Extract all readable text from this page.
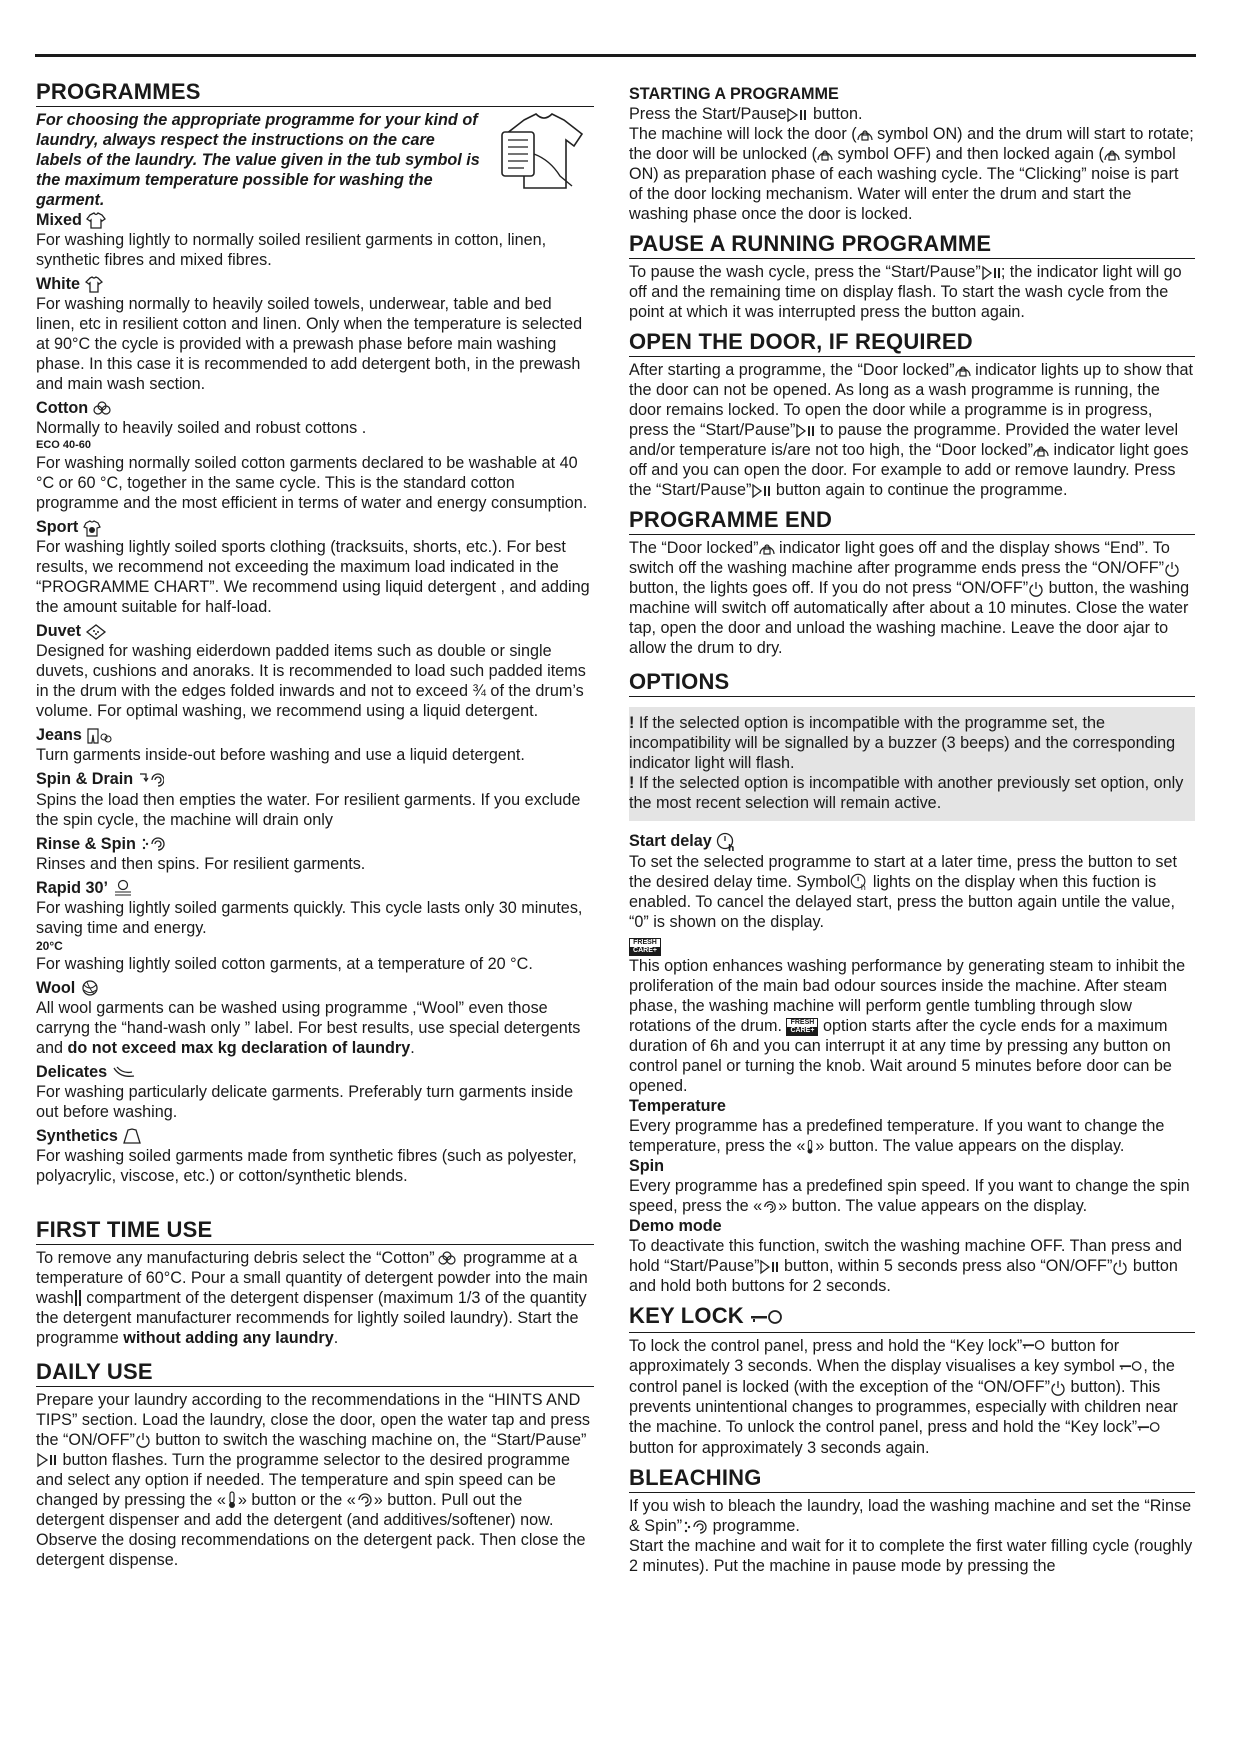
PROGRAMMES
For choosing the appropriate programme for your kind of laundry, always respect the instructions on the care labels of the laundry. The value given in the tub symbol is the maximum temperature possible for washing the garment.
Mixed

For washing lightly to normally soiled resilient garments in cotton, linen, synthetic fibres and mixed fibres.

White

For washing normally to heavily soiled towels, underwear, table and bed linen, etc in resilient cotton and linen. Only when the temperature is selected at 90°C the cycle is provided with a prewash phase before main washing phase. In this case it is recommended to add detergent both, in the prewash and main wash section.

Cotton

Normally to heavily soiled and robust cottons .

ECO 40-60

For washing normally soiled cotton garments declared to be washable at 40 °C or 60 °C, together in the same cycle. This is the standard cotton programme and the most efficient in terms of water and energy consumption.

Sport

For washing lightly soiled sports clothing (tracksuits, shorts, etc.). For best results, we recommend not exceeding the maximum load indicated in the “PROGRAMME CHART”. We recommend using liquid detergent , and adding the amount suitable for half-load.

Duvet

Designed for washing eiderdown padded items such as double or single duvets, cushions and anoraks. It is recommended to load such padded items in the drum with the edges folded inwards and not to exceed ¾ of the drum’s volume. For optimal washing, we recommend using a liquid detergent.

Jeans

Turn garments inside-out before washing and use a liquid detergent.

Spin & Drain

Spins the load then empties the water. For resilient garments. If you exclude the spin cycle, the machine will drain only

Rinse & Spin

Rinses and then spins. For resilient garments.

Rapid 30’

For washing lightly soiled garments quickly. This cycle lasts only 30 minutes, saving time and energy.

20°C

For washing lightly soiled cotton garments, at a temperature of 20 °C.

Wool

All wool garments can be washed using programme ,“Wool” even those carryng the “hand-wash only ” label. For best results, use special detergents and do not exceed max kg declaration of laundry.

Delicates

For washing particularly delicate garments. Preferably turn garments inside out before washing.

Synthetics

For washing soiled garments made from synthetic fibres (such as polyester, polyacrylic, viscose, etc.) or cotton/synthetic blends.

FIRST TIME USE

To remove any manufacturing debris select the “Cotton”
programme at a temperature of 60°C. Pour a small quantity of detergent powder into the main wash
compartment of the detergent dispenser (maximum 1/3 of the quantity the detergent manufacturer recommends for lightly soiled laundry). Start the programme without adding any laundry.

DAILY USE

Prepare your laundry according to the recommendations in the “HINTS AND TIPS” section. Load the laundry, close the door, open the water tap and press the “ON/OFF”
button to switch the wasching machine on, the “Start/Pause”
button flashes. Turn the programme selector to the desired programme and select any option if needed. The temperature and spin speed can be changed by pressing the « » button or the « » button. Pull out the detergent dispenser and add the detergent (and additives/softener) now. Observe the dosing recommendations on the detergent pack. Then close the detergent dispense.

STARTING A PROGRAMME

Press the Start/Pause
button.
The machine will lock the door (
symbol ON) and the drum will start to rotate; the door will be unlocked (
symbol OFF) and then locked again (
symbol ON) as preparation phase of each washing cycle. The “Clicking” noise is part of the door locking mechanism. Water will enter the drum and start the washing phase once the door is locked.

PAUSE A RUNNING PROGRAMME

To pause the wash cycle, press the “Start/Pause” ; the indicator light will go off and the remaining time on display flash. To start the wash cycle from the point at which it was interrupted press the button again.

OPEN THE DOOR, IF REQUIRED

After starting a programme, the “Door locked”
indicator lights up to show that the door can not be opened. As long as a wash programme is running, the door remains locked. To open the door while a programme is in progress, press the “Start/Pause”
to pause the programme. Provided the water level and/or temperature is/are not too high, the “Door locked”
indicator light goes off and you can open the door. For example to add or remove laundry. Press the “Start/Pause”
button again to continue the programme.

PROGRAMME END

The “Door locked”
indicator light goes off and the display shows “End”. To switch off the washing machine after programme ends press the “ON/OFF”
button, the lights goes off. If you do not press “ON/OFF”
button, the washing machine will switch off automatically after about a 10 minutes. Close the water tap, open the door and unload the washing machine. Leave the door ajar to allow the drum to dry.

OPTIONS

! If the selected option is incompatible with the programme set, the incompatibility will be signalled by a buzzer (3 beeps) and the corresponding indicator light will flash.

! If the selected option is incompatible with another previously set option, only the most recent selection will remain active.

Start delay h

To set the selected programme to start at a later time, press the button to set the desired delay time. Symbol h lights on the display when this fuction is enabled. To cancel the delayed start, press the button again untile the value, “0” is shown on the display.

FRESH
CARE+

This option enhances washing performance by generating steam to inhibit the proliferation of the main bad odour sources inside the machine. After steam phase, the washing machine will perform gentle tumbling through slow rotations of the drum. FRESH
CARE+ option starts after the cycle ends for a maximum duration of 6h and you can interrupt it at any time by pressing any button on control panel or turning the knob. Wait around 5 minutes before door can be opened.

Temperature

Every programme has a predefined temperature. If you want to change the temperature, press the « » button. The value appears on the display.

Spin

Every programme has a predefined spin speed. If you want to change the spin speed, press the « » button. The value appears on the display.

Demo mode

To deactivate this function, switch the washing machine OFF. Than press and hold “Start/Pause”
button, within 5 seconds press also “ON/OFF”
button and hold both buttons for 2 seconds.

KEY LOCK

To lock the control panel, press and hold the “Key lock” button for approximately 3 seconds. When the display visualises a key symbol , the control panel is locked (with the exception of the “ON/OFF”
button). This prevents unintentional changes to programmes, especially with children near the machine. To unlock the control panel, press and hold the “Key lock” button for approximately 3 seconds again.

BLEACHING

If you wish to bleach the laundry, load the washing machine and set the “Rinse & Spin”
programme.
Start the machine and wait for it to complete the first water filling cycle (roughly 2 minutes). Put the machine in pause mode by pressing the
